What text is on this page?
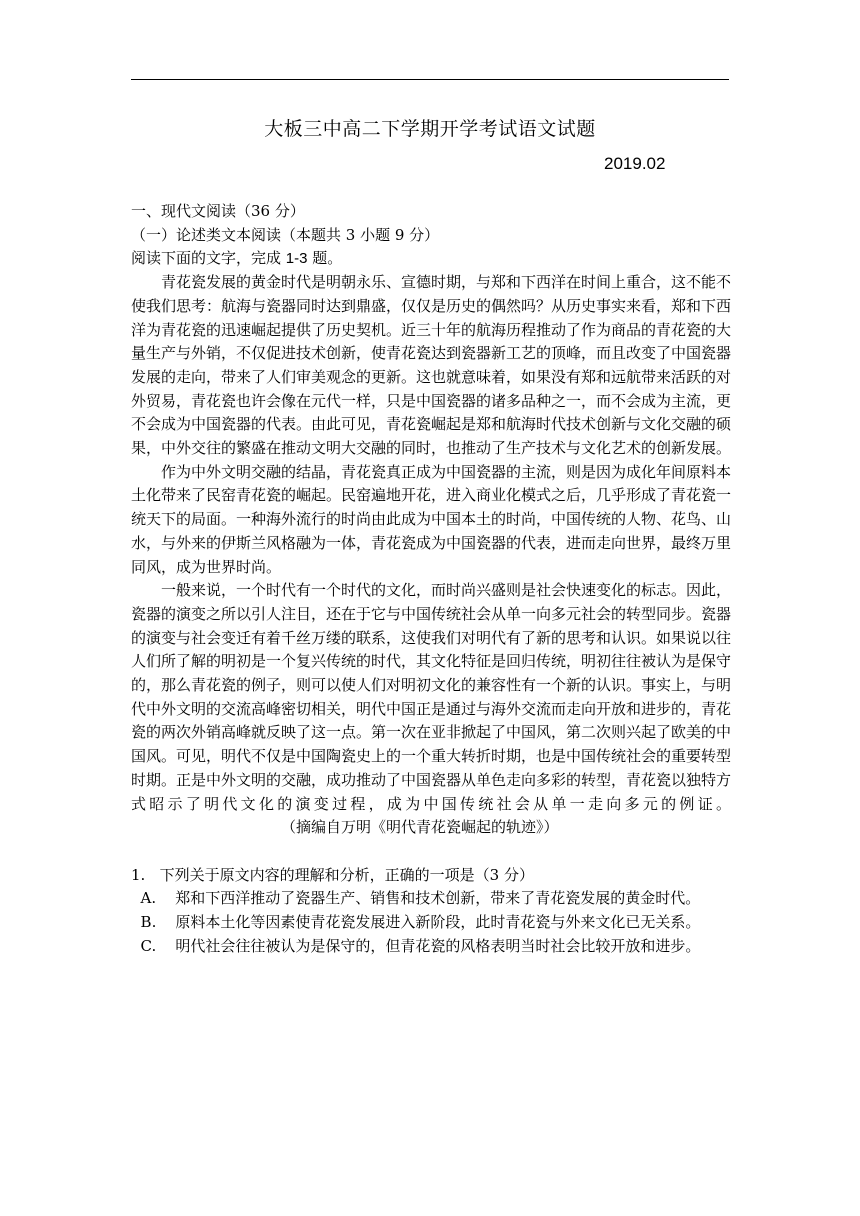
大板三中高二下学期开学考试语文试题
2019.02

一、现代文阅读（36 分）

（一）论述类文本阅读（本题共 3 小题 9 分）

阅读下面的文字，完成 1-3 题。

青花瓷发展的黄金时代是明朝永乐、宣德时期，与郑和下西洋在时间上重合，这不能不使我们思考：航海与瓷器同时达到鼎盛，仅仅是历史的偶然吗？从历史事实来看，郑和下西洋为青花瓷的迅速崛起提供了历史契机。近三十年的航海历程推动了作为商品的青花瓷的大量生产与外销，不仅促进技术创新，使青花瓷达到瓷器新工艺的顶峰，而且改变了中国瓷器发展的走向，带来了人们审美观念的更新。这也就意味着，如果没有郑和远航带来活跃的对外贸易，青花瓷也许会像在元代一样，只是中国瓷器的诸多品种之一，而不会成为主流，更不会成为中国瓷器的代表。由此可见，青花瓷崛起是郑和航海时代技术创新与文化交融的硕果，中外交往的繁盛在推动文明大交融的同时，也推动了生产技术与文化艺术的创新发展。

作为中外文明交融的结晶，青花瓷真正成为中国瓷器的主流，则是因为成化年间原料本土化带来了民窑青花瓷的崛起。民窑遍地开花，进入商业化模式之后，几乎形成了青花瓷一统天下的局面。一种海外流行的时尚由此成为中国本土的时尚，中国传统的人物、花鸟、山水，与外来的伊斯兰风格融为一体，青花瓷成为中国瓷器的代表，进而走向世界，最终万里同风，成为世界时尚。

一般来说，一个时代有一个时代的文化，而时尚兴盛则是社会快速变化的标志。因此，瓷器的演变之所以引人注目，还在于它与中国传统社会从单一向多元社会的转型同步。瓷器的演变与社会变迁有着千丝万缕的联系，这使我们对明代有了新的思考和认识。如果说以往人们所了解的明初是一个复兴传统的时代，其文化特征是回归传统，明初往往被认为是保守的，那么青花瓷的例子，则可以使人们对明初文化的兼容性有一个新的认识。事实上，与明代中外文明的交流高峰密切相关，明代中国正是通过与海外交流而走向开放和进步的，青花瓷的两次外销高峰就反映了这一点。第一次在亚非掀起了中国风，第二次则兴起了欧美的中国风。可见，明代不仅是中国陶瓷史上的一个重大转折时期，也是中国传统社会的重要转型时期。正是中外文明的交融，成功推动了中国瓷器从单色走向多彩的转型，青花瓷以独特方式昭示了明代文化的演变过程，成为中国传统社会从单一走向多元的例证。（摘编自万明《明代青花瓷崛起的轨迹》）

1. 下列关于原文内容的理解和分析，正确的一项是（3 分）

A. 郑和下西洋推动了瓷器生产、销售和技术创新，带来了青花瓷发展的黄金时代。

B. 原料本土化等因素使青花瓷发展进入新阶段，此时青花瓷与外来文化已无关系。

C. 明代社会往往被认为是保守的，但青花瓷的风格表明当时社会比较开放和进步。
